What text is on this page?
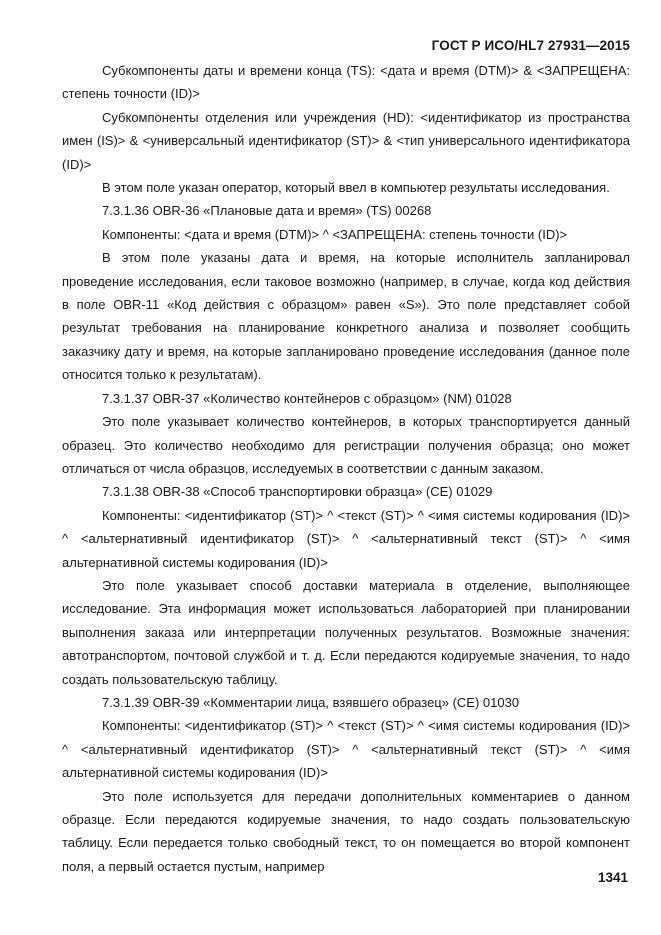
ГОСТ Р ИСО/HL7 27931—2015

Субкомпоненты даты и времени конца (TS): <дата и время (DTM)> & <ЗАПРЕЩЕНА: степень точности (ID)>

Субкомпоненты отделения или учреждения (HD): <идентификатор из пространства имен (IS)> & <универсальный идентификатор (ST)> & <тип универсального идентификатора (ID)>

В этом поле указан оператор, который ввел в компьютер результаты исследования.

7.3.1.36 OBR-36 «Плановые дата и время» (TS) 00268

Компоненты: <дата и время (DTM)> ^ <ЗАПРЕЩЕНА: степень точности (ID)>

В этом поле указаны дата и время, на которые исполнитель запланировал проведение исследования, если таковое возможно (например, в случае, когда код действия в поле OBR-11 «Код действия с образцом» равен «S»). Это поле представляет собой результат требования на планирование конкретного анализа и позволяет сообщить заказчику дату и время, на которые запланировано проведение исследования (данное поле относится только к результатам).

7.3.1.37 OBR-37 «Количество контейнеров с образцом» (NM) 01028

Это поле указывает количество контейнеров, в которых транспортируется данный образец. Это количество необходимо для регистрации получения образца; оно может отличаться от числа образцов, исследуемых в соответствии с данным заказом.

7.3.1.38 OBR-38 «Способ транспортировки образца» (CE) 01029

Компоненты: <идентификатор (ST)> ^ <текст (ST)> ^ <имя системы кодирования (ID)> ^ <альтернативный идентификатор (ST)> ^ <альтернативный текст (ST)> ^ <имя альтернативной системы кодирования (ID)>

Это поле указывает способ доставки материала в отделение, выполняющее исследование. Эта информация может использоваться лабораторией при планировании выполнения заказа или интерпретации полученных результатов. Возможные значения: автотранспортом, почтовой службой и т. д. Если передаются кодируемые значения, то надо создать пользовательскую таблицу.

7.3.1.39 OBR-39 «Комментарии лица, взявшего образец» (CE) 01030

Компоненты: <идентификатор (ST)> ^ <текст (ST)> ^ <имя системы кодирования (ID)> ^ <альтернативный идентификатор (ST)> ^ <альтернативный текст (ST)> ^ <имя альтернативной системы кодирования (ID)>

Это поле используется для передачи дополнительных комментариев о данном образце. Если передаются кодируемые значения, то надо создать пользовательскую таблицу. Если передается только свободный текст, то он помещается во второй компонент поля, а первый остается пустым, например

1341
